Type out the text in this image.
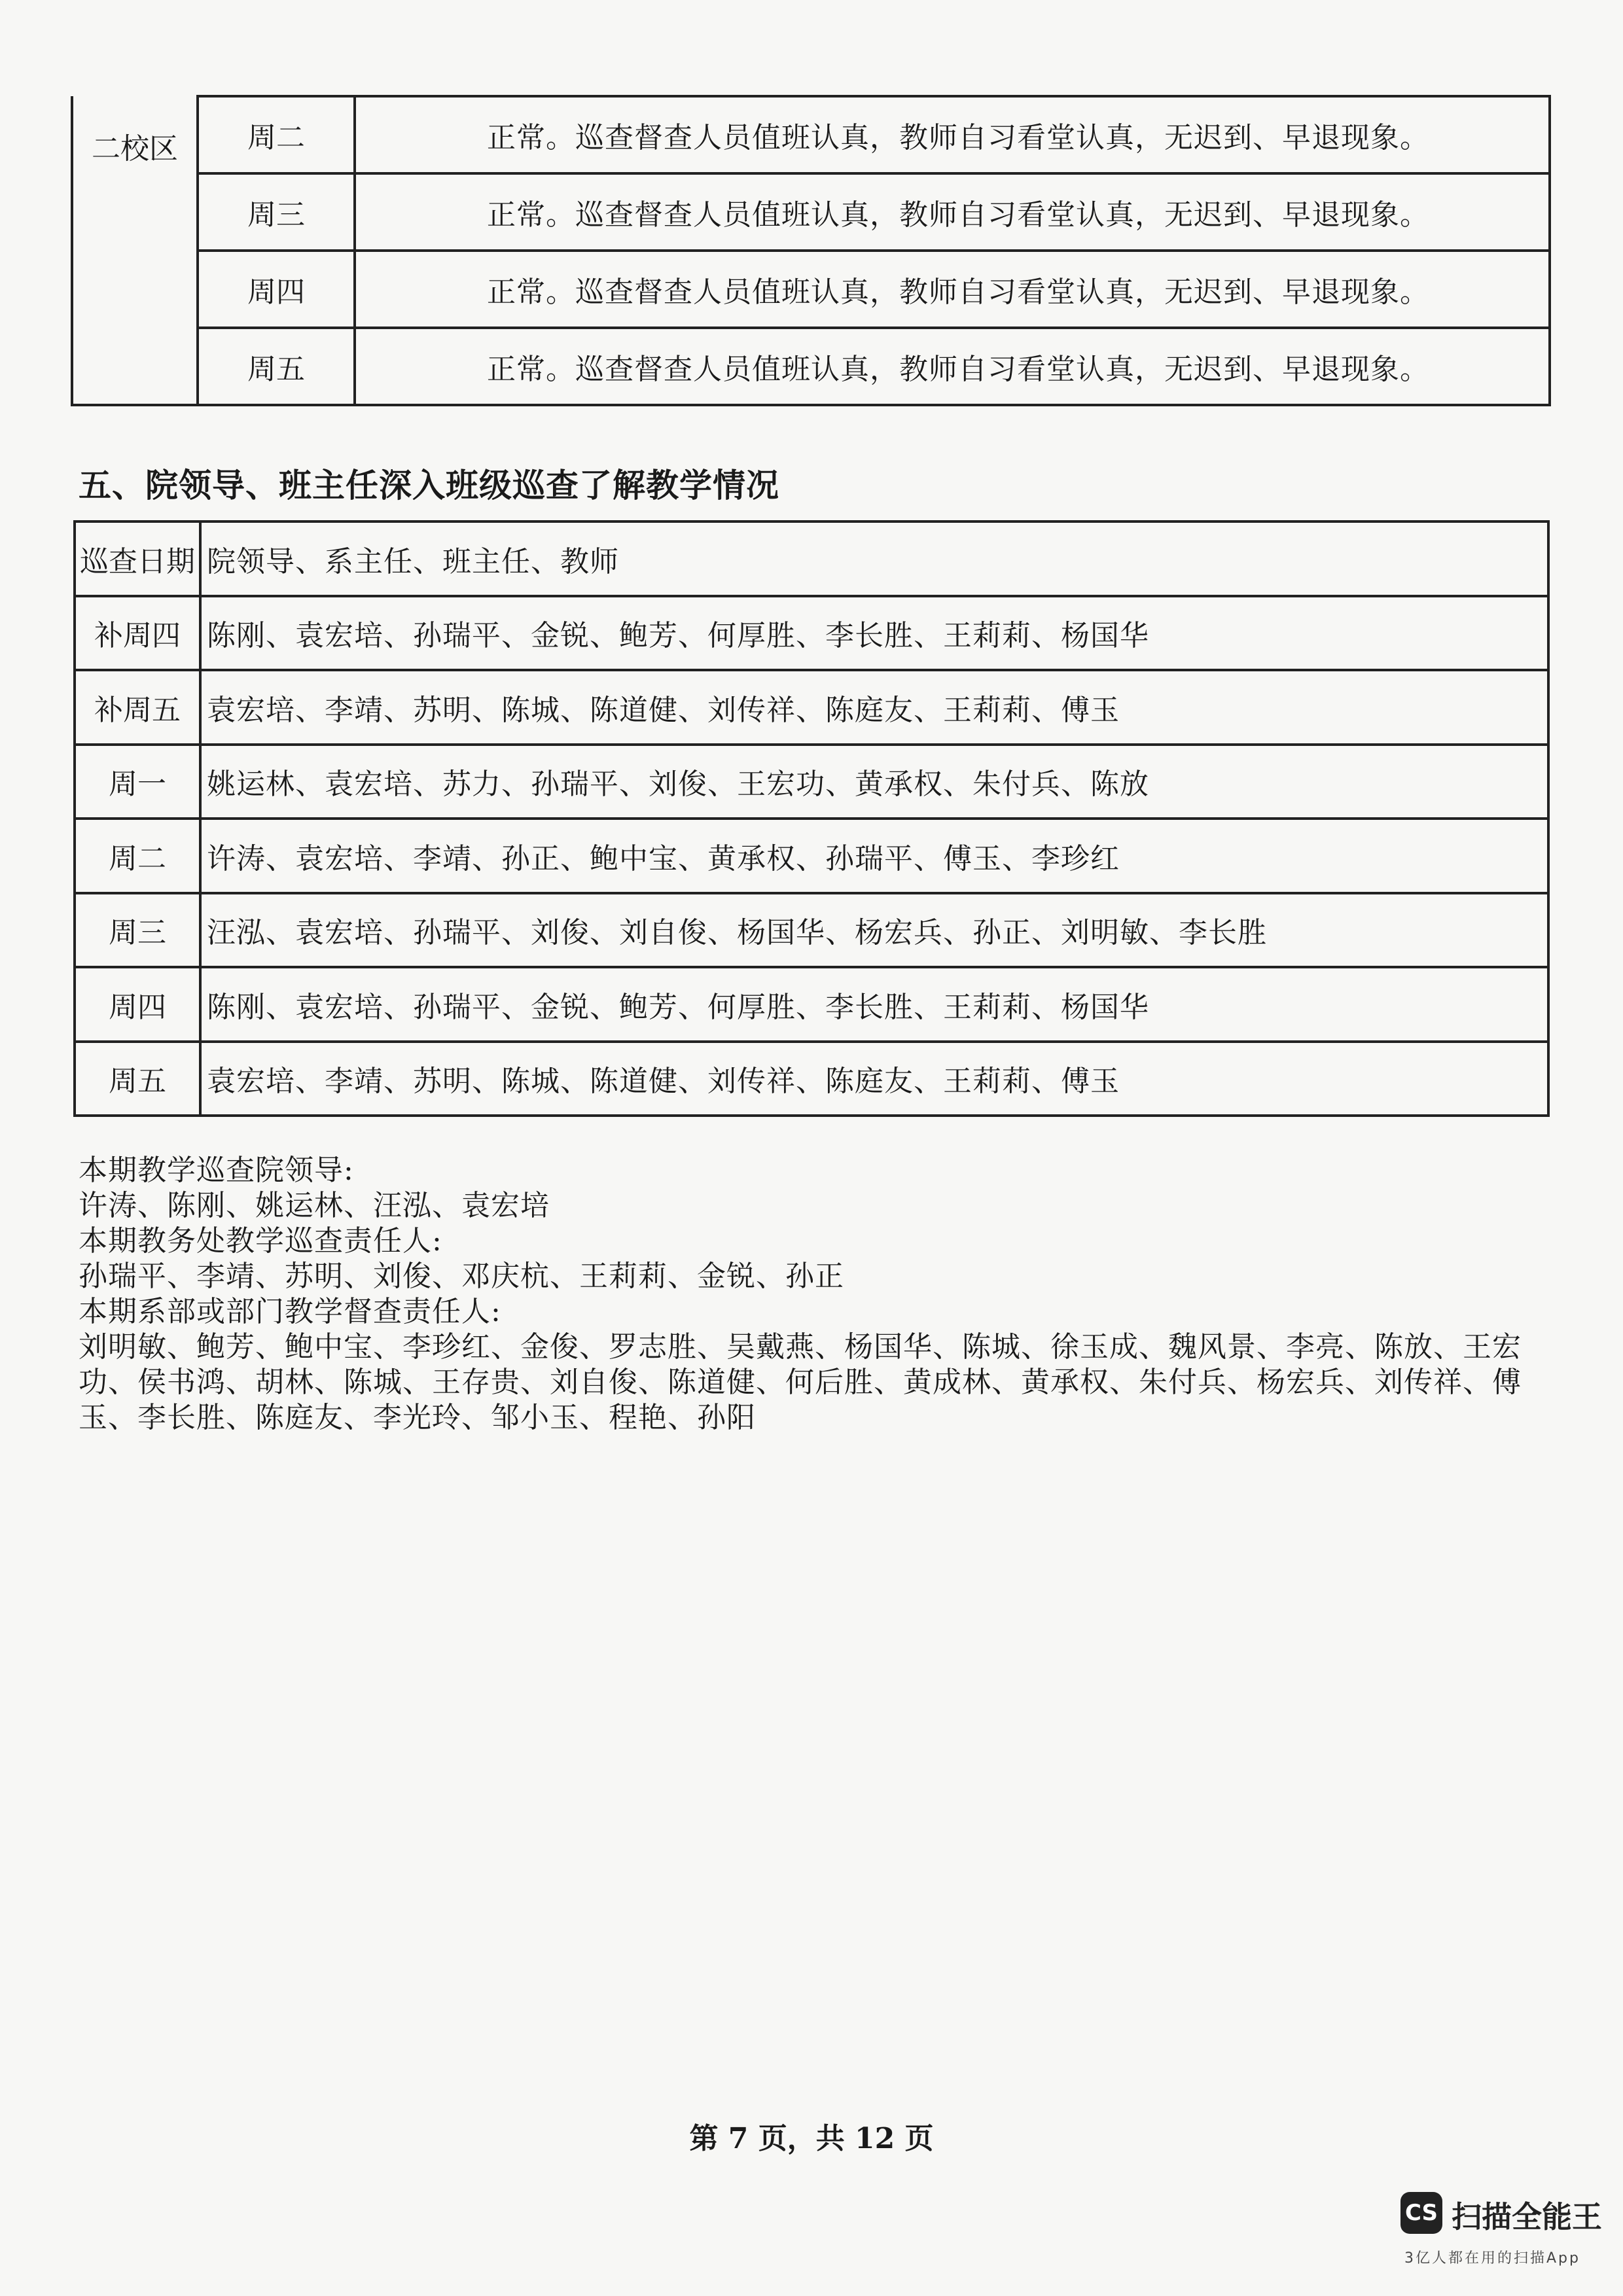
二校区	周二	正常。巡查督查人员值班认真，教师自习看堂认真，无迟到、早退现象。
	周三	正常。巡查督查人员值班认真，教师自习看堂认真，无迟到、早退现象。
	周四	正常。巡查督查人员值班认真，教师自习看堂认真，无迟到、早退现象。
	周五	正常。巡查督查人员值班认真，教师自习看堂认真，无迟到、早退现象。
五、院领导、班主任深入班级巡查了解教学情况
巡查日期	院领导、系主任、班主任、教师
补周四	陈刚、袁宏培、孙瑞平、金锐、鲍芳、何厚胜、李长胜、王莉莉、杨国华
补周五	袁宏培、李靖、苏明、陈城、陈道健、刘传祥、陈庭友、王莉莉、傅玉
周一	姚运林、袁宏培、苏力、孙瑞平、刘俊、王宏功、黄承权、朱付兵、陈放
周二	许涛、袁宏培、李靖、孙正、鲍中宝、黄承权、孙瑞平、傅玉、李珍红
周三	汪泓、袁宏培、孙瑞平、刘俊、刘自俊、杨国华、杨宏兵、孙正、刘明敏、李长胜
周四	陈刚、袁宏培、孙瑞平、金锐、鲍芳、何厚胜、李长胜、王莉莉、杨国华
周五	袁宏培、李靖、苏明、陈城、陈道健、刘传祥、陈庭友、王莉莉、傅玉
本期教学巡查院领导:
许涛、陈刚、姚运林、汪泓、袁宏培
本期教务处教学巡查责任人:
孙瑞平、李靖、苏明、刘俊、邓庆杭、王莉莉、金锐、孙正
本期系部或部门教学督查责任人:
刘明敏、鲍芳、鲍中宝、李珍红、金俊、罗志胜、吴戴燕、杨国华、陈城、徐玉成、魏风景、李亮、陈放、王宏功、侯书鸿、胡林、陈城、王存贵、刘自俊、陈道健、何后胜、黄成林、黄承权、朱付兵、杨宏兵、刘传祥、傅玉、李长胜、陈庭友、李光玲、邹小玉、程艳、孙阳
第 7 页，共 12 页
CS 扫描全能王
3亿人都在用的扫描App
